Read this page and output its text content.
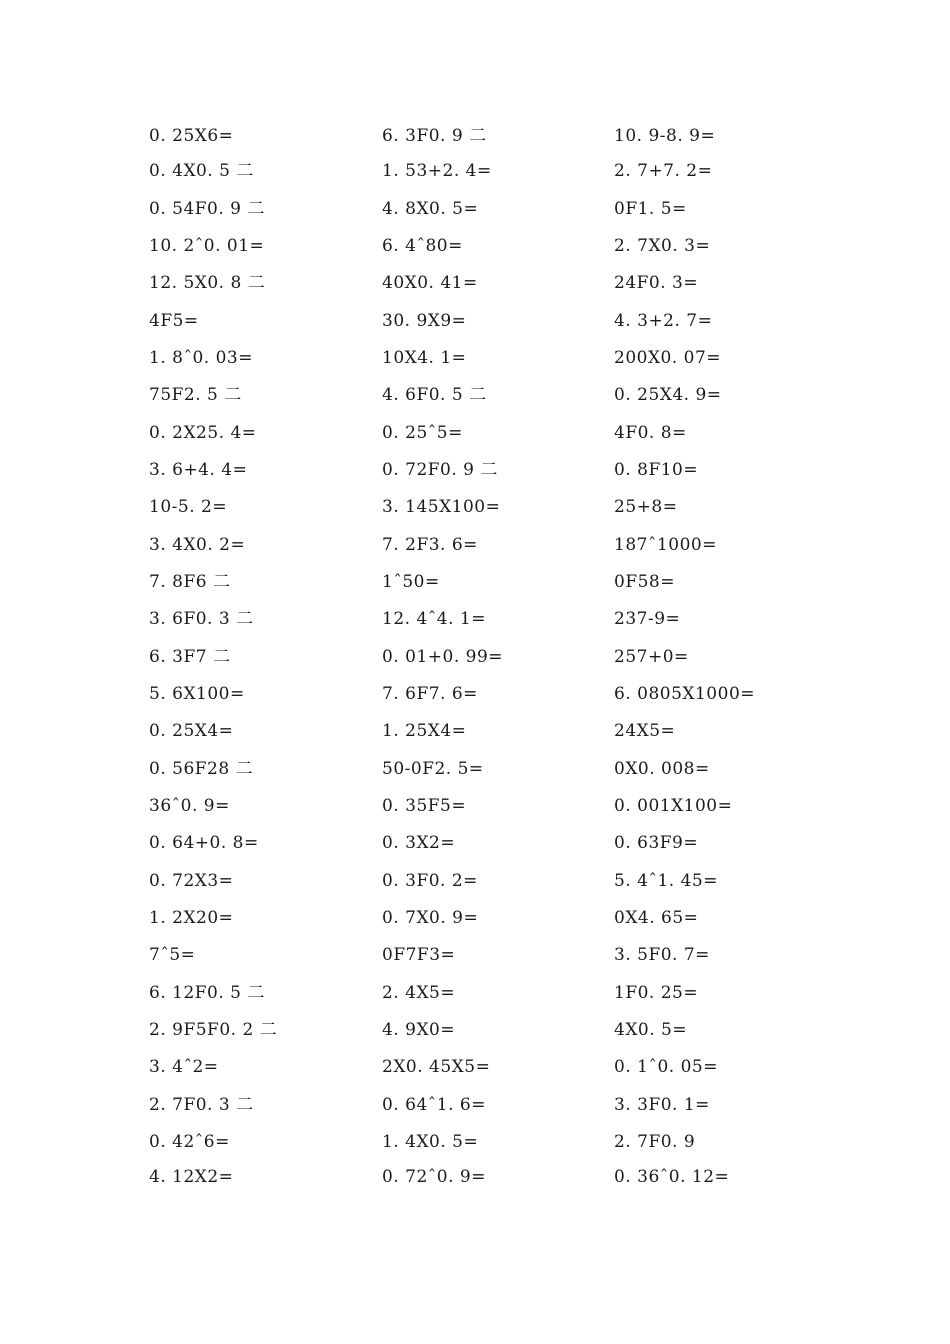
0. 25X6=	6. 3F0. 9 二	10. 9-8. 9=
0. 4X0. 5 二	1. 53+2. 4=	2. 7+7. 2=
0. 54F0. 9 二	4. 8X0. 5=	0F1. 5=
10. 2ˆ0. 01=	6. 4ˆ80=	2. 7X0. 3=
12. 5X0. 8 二	40X0. 41=	24F0. 3=
4F5=	30. 9X9=	4. 3+2. 7=
1. 8ˆ0. 03=	10X4. 1=	200X0. 07=
75F2. 5 二	4. 6F0. 5 二	0. 25X4. 9=
0. 2X25. 4=	0. 25ˆ5=	4F0. 8=
3. 6+4. 4=	0. 72F0. 9 二	0. 8F10=
10-5. 2=	3. 145X100=	25+8=
3. 4X0. 2=	7. 2F3. 6=	187ˆ1000=
7. 8F6 二	1ˆ50=	0F58=
3. 6F0. 3 二	12. 4ˆ4. 1=	237-9=
6. 3F7 二	0. 01+0. 99=	257+0=
5. 6X100=	7. 6F7. 6=	6. 0805X1000=
0. 25X4=	1. 25X4=	24X5=
0. 56F28 二	50-0F2. 5=	0X0. 008=
36ˆ0. 9=	0. 35F5=	0. 001X100=
0. 64+0. 8=	0. 3X2=	0. 63F9=
0. 72X3=	0. 3F0. 2=	5. 4ˆ1. 45=
1. 2X20=	0. 7X0. 9=	0X4. 65=
7ˆ5=	0F7F3=	3. 5F0. 7=
6. 12F0. 5 二	2. 4X5=	1F0. 25=
2. 9F5F0. 2 二	4. 9X0=	4X0. 5=
3. 4ˆ2=	2X0. 45X5=	0. 1ˆ0. 05=
2. 7F0. 3 二	0. 64ˆ1. 6=	3. 3F0. 1=
0. 42ˆ6=	1. 4X0. 5=	2. 7F0. 9
4. 12X2=	0. 72ˆ0. 9=	0. 36ˆ0. 12=
